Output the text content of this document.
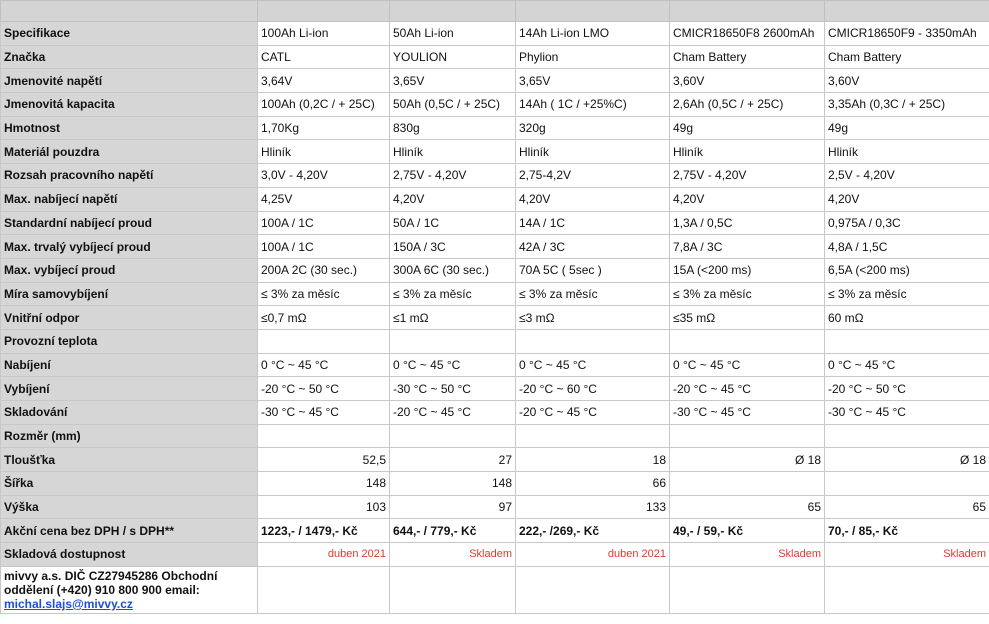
Specifikace	100Ah Li-ion	50Ah Li-ion	14Ah Li-ion LMO	CMICR18650F8 2600mAh	CMICR18650F9 - 3350mAh
Značka	CATL	YOULION	Phylion	Cham Battery	Cham Battery
Jmenovité napětí	3,64V	3,65V	3,65V	3,60V	3,60V
Jmenovitá kapacita	100Ah (0,2C / + 25C)	50Ah (0,5C / + 25C)	14Ah ( 1C / +25%C)	2,6Ah (0,5C / + 25C)	3,35Ah (0,3C / + 25C)
Hmotnost	1,70Kg	830g	320g	49g	49g
Materiál pouzdra	Hliník	Hliník	Hliník	Hliník	Hliník
Rozsah pracovního napětí	3,0V - 4,20V	2,75V - 4,20V	2,75-4,2V	2,75V - 4,20V	2,5V - 4,20V
Max. nabíjecí napětí	4,25V	4,20V	4,20V	4,20V	4,20V
Standardní nabíjecí proud	100A / 1C	50A / 1C	14A / 1C	1,3A / 0,5C	0,975A / 0,3C
Max. trvalý vybíjecí proud	100A / 1C	150A / 3C	42A / 3C	7,8A / 3C	4,8A / 1,5C
Max. vybíjecí proud	200A 2C (30 sec.)	300A 6C (30 sec.)	70A 5C ( 5sec )	15A (<200 ms)	6,5A (<200 ms)
Míra samovybíjení	≤ 3% za měsíc	≤ 3% za měsíc	≤ 3% za měsíc	≤ 3% za měsíc	≤ 3% za měsíc
Vnitřní odpor	≤0,7 mΩ	≤1 mΩ	≤3 mΩ	≤35 mΩ	60 mΩ
Provozní teplota					
Nabíjení	0 °C ~ 45 °C	0 °C ~ 45 °C	0 °C ~ 45 °C	0 °C ~ 45 °C	0 °C ~ 45 °C
Vybíjení	-20 °C ~ 50 °C	-30 °C ~ 50 °C	-20 °C ~ 60 °C	-20 °C ~ 45 °C	-20 °C ~ 50 °C
Skladování	-30 °C ~ 45 °C	-20 °C ~ 45 °C	-20 °C ~ 45 °C	-30 °C ~ 45 °C	-30 °C ~ 45 °C
Rozměr (mm)					
Tloušťka	52,5	27	18	Ø 18	Ø 18
Šířka	148	148	66		
Výška	103	97	133	65	65
Akční cena bez DPH / s DPH**	1223,- / 1479,- Kč	644,- / 779,- Kč	222,- /269,- Kč	49,- / 59,- Kč	70,- / 85,- Kč
Skladová dostupnost	duben 2021	Skladem	duben 2021	Skladem	Skladem
mivvy a.s. DIČ CZ27945286 Obchodní oddělení (+420) 910 800 900 email:
michal.slajs@mivvy.cz					
